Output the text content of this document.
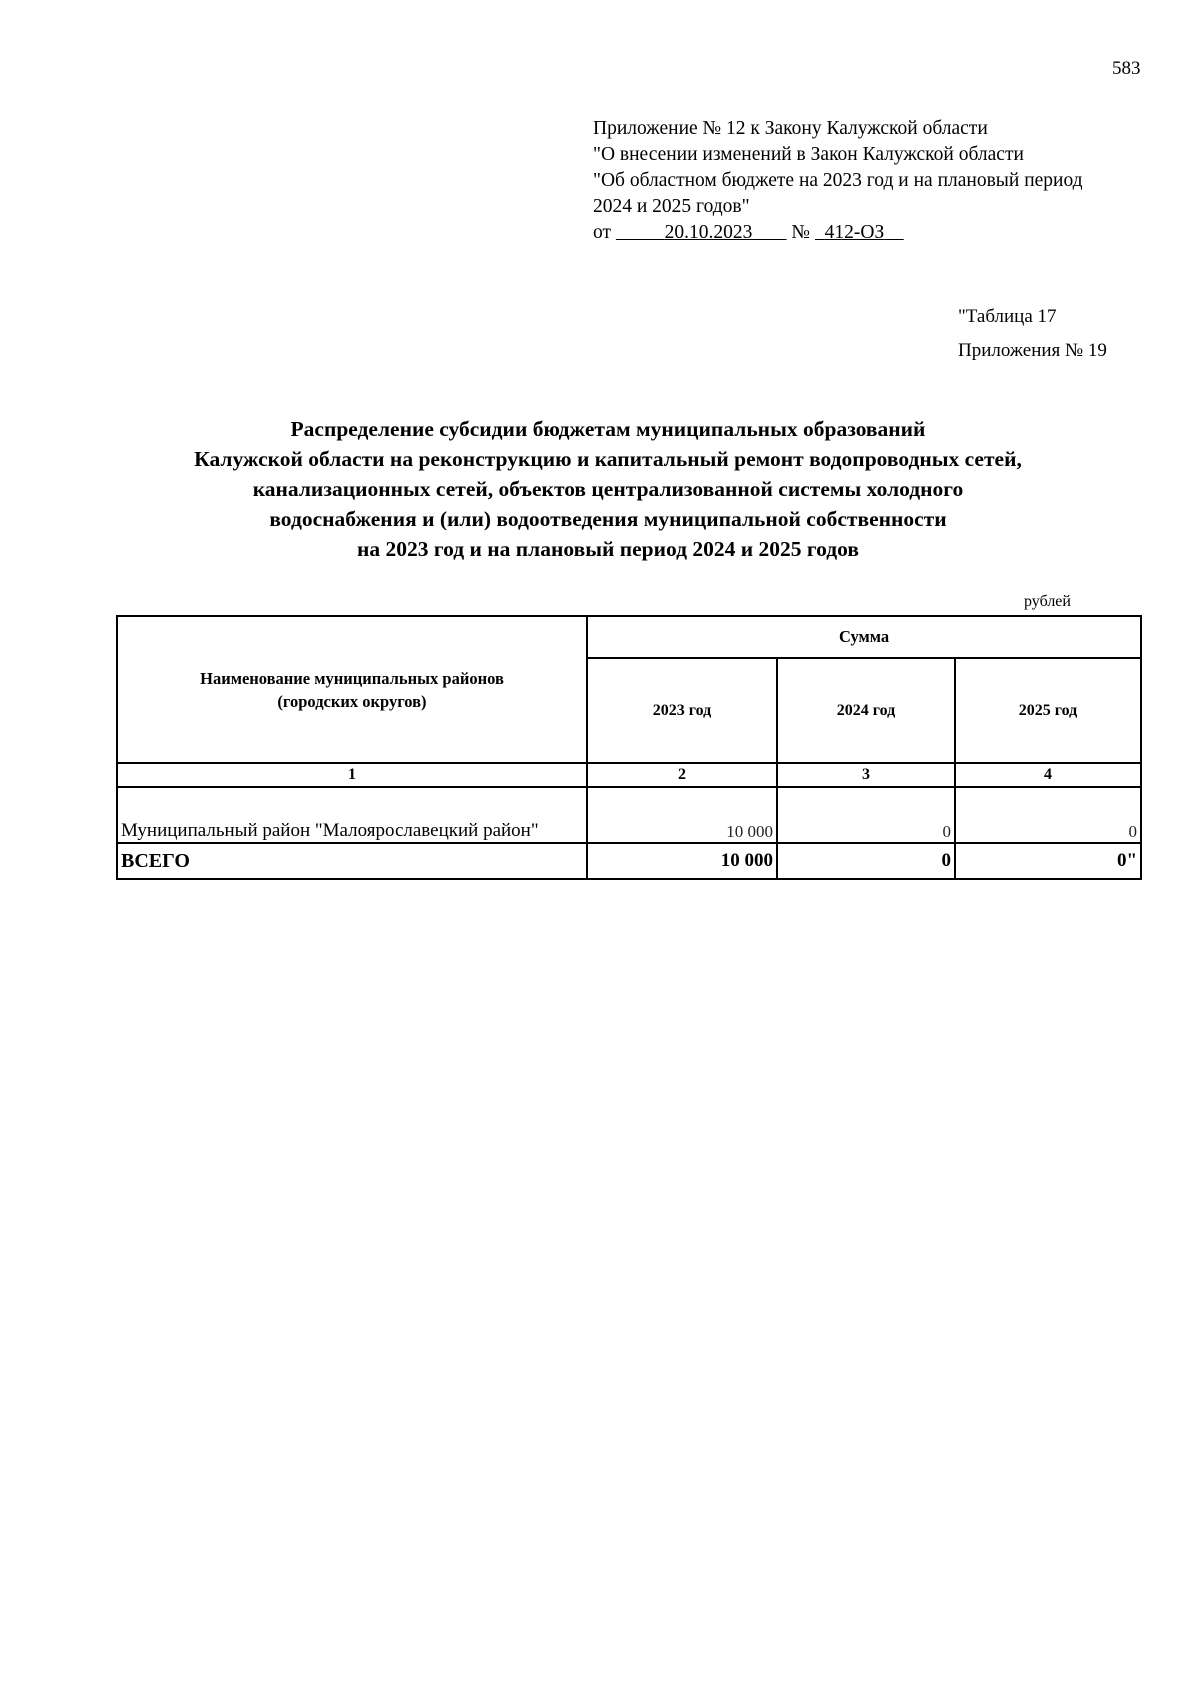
583
Приложение № 12 к Закону Калужской области
"О внесении изменений в Закон Калужской области
"Об областном бюджете на 2023 год и на плановый период
2024 и 2025 годов"
от	20.10.2023 № 412-ОЗ
"Таблица 17
Приложения № 19
Распределение субсидии бюджетам муниципальных образований
Калужской области на реконструкцию и капитальный ремонт водопроводных сетей,
канализационных сетей, объектов централизованной системы холодного
водоснабжения и (или) водоотведения муниципальной собственности
на 2023 год и на плановый период 2024 и 2025 годов
рублей
Наименование муниципальных районов
(городских округов)	Сумма		
	2023 год	2024 год	2025 год
1	2	3	4
Муниципальный район "Малоярославецкий район"	10 000	0	0
ВСЕГО	10 000	0	0"
